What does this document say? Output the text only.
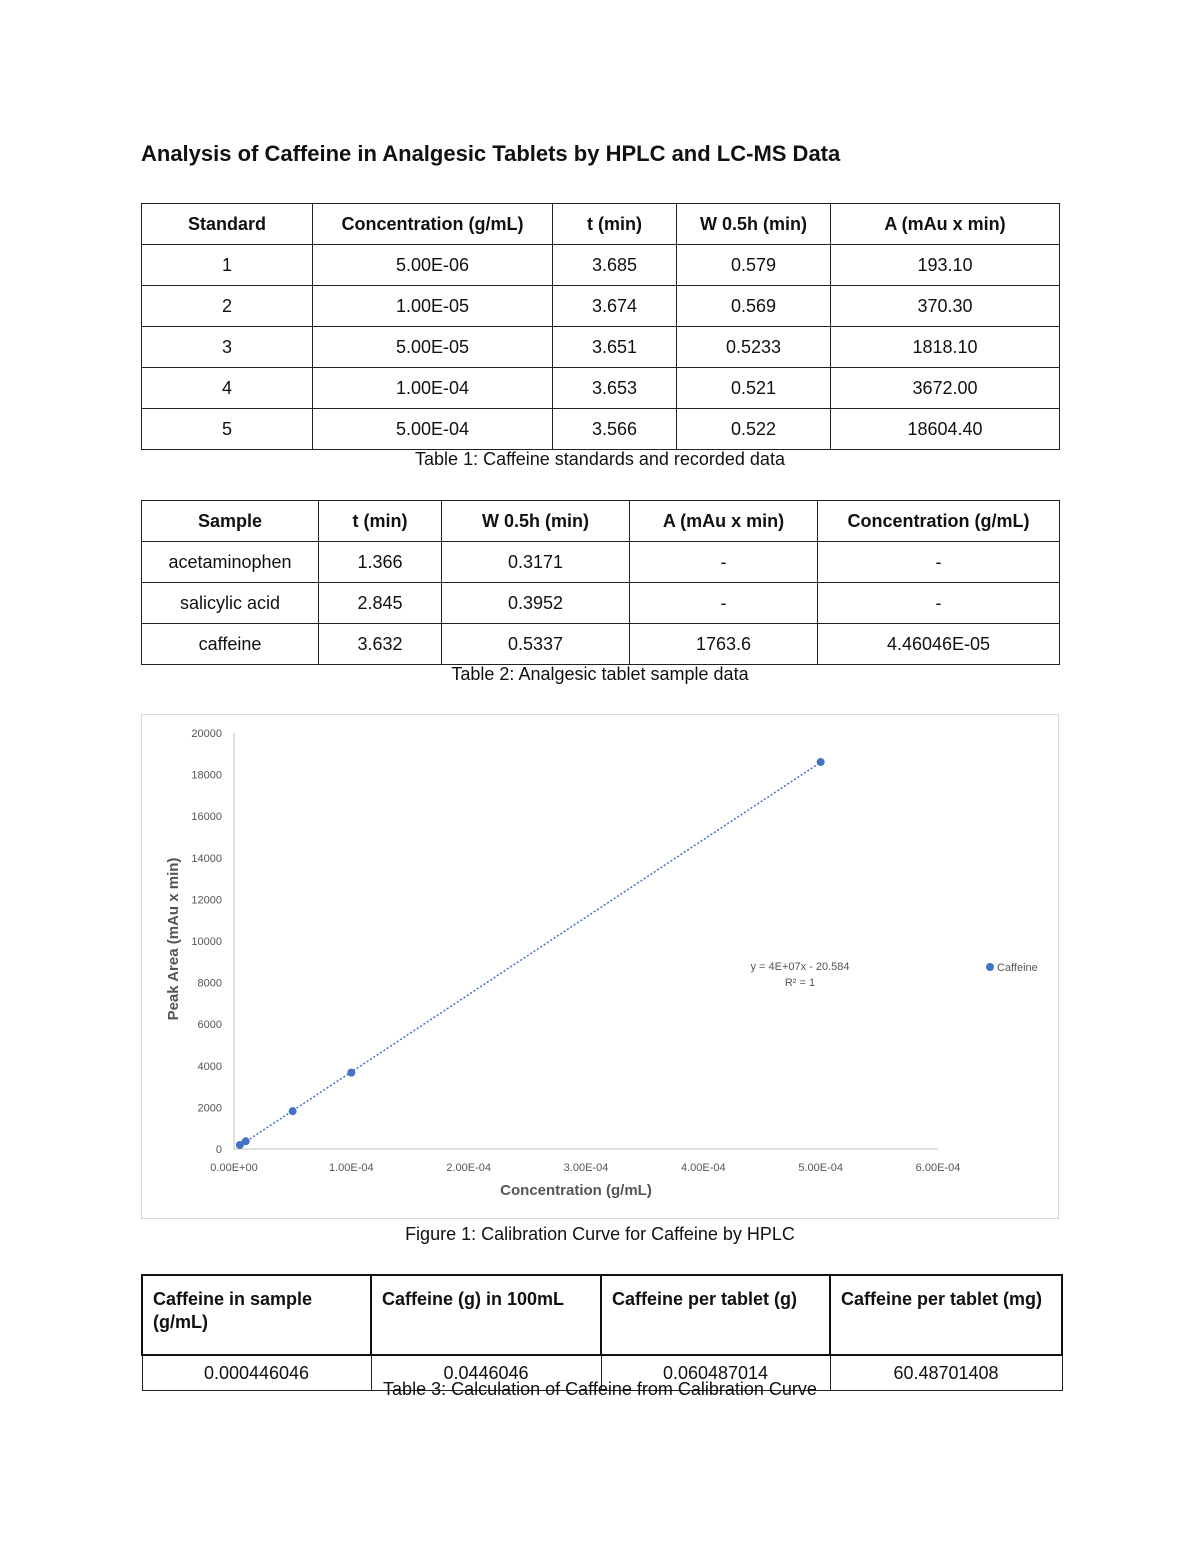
Analysis of Caffeine in Analgesic Tablets by HPLC and LC-MS Data
Standard	Concentration (g/mL)	t (min)	W 0.5h (min)	A (mAu x min)
1	5.00E-06	3.685	0.579	193.10
2	1.00E-05	3.674	0.569	370.30
3	5.00E-05	3.651	0.5233	1818.10
4	1.00E-04	3.653	0.521	3672.00
5	5.00E-04	3.566	0.522	18604.40
Table 1: Caffeine standards and recorded data
Sample	t (min)	W 0.5h (min)	A (mAu x min)	Concentration (g/mL)
acetaminophen	1.366	0.3171	-	-
salicylic acid	2.845	0.3952	-	-
caffeine	3.632	0.5337	1763.6	4.46046E-05
Table 2: Analgesic tablet sample data
0
2000
4000
6000
8000
10000
12000
14000
16000
18000
20000
0.00E+00	1.00E-04	2.00E-04	3.00E-04	4.00E-04	5.00E-04	6.00E-04
Concentration (g/mL)
Peak Area (mAu x min)	y = 4E+07x - 20.584
R² = 1
Caffeine
Figure 1: Calibration Curve for Caffeine by HPLC
Caffeine in sample (g/mL)	Caffeine (g) in 100mL	Caffeine per tablet (g)	Caffeine per tablet (mg)
0.000446046	0.0446046	0.060487014	60.48701408
Table 3: Calculation of Caffeine from Calibration Curve
